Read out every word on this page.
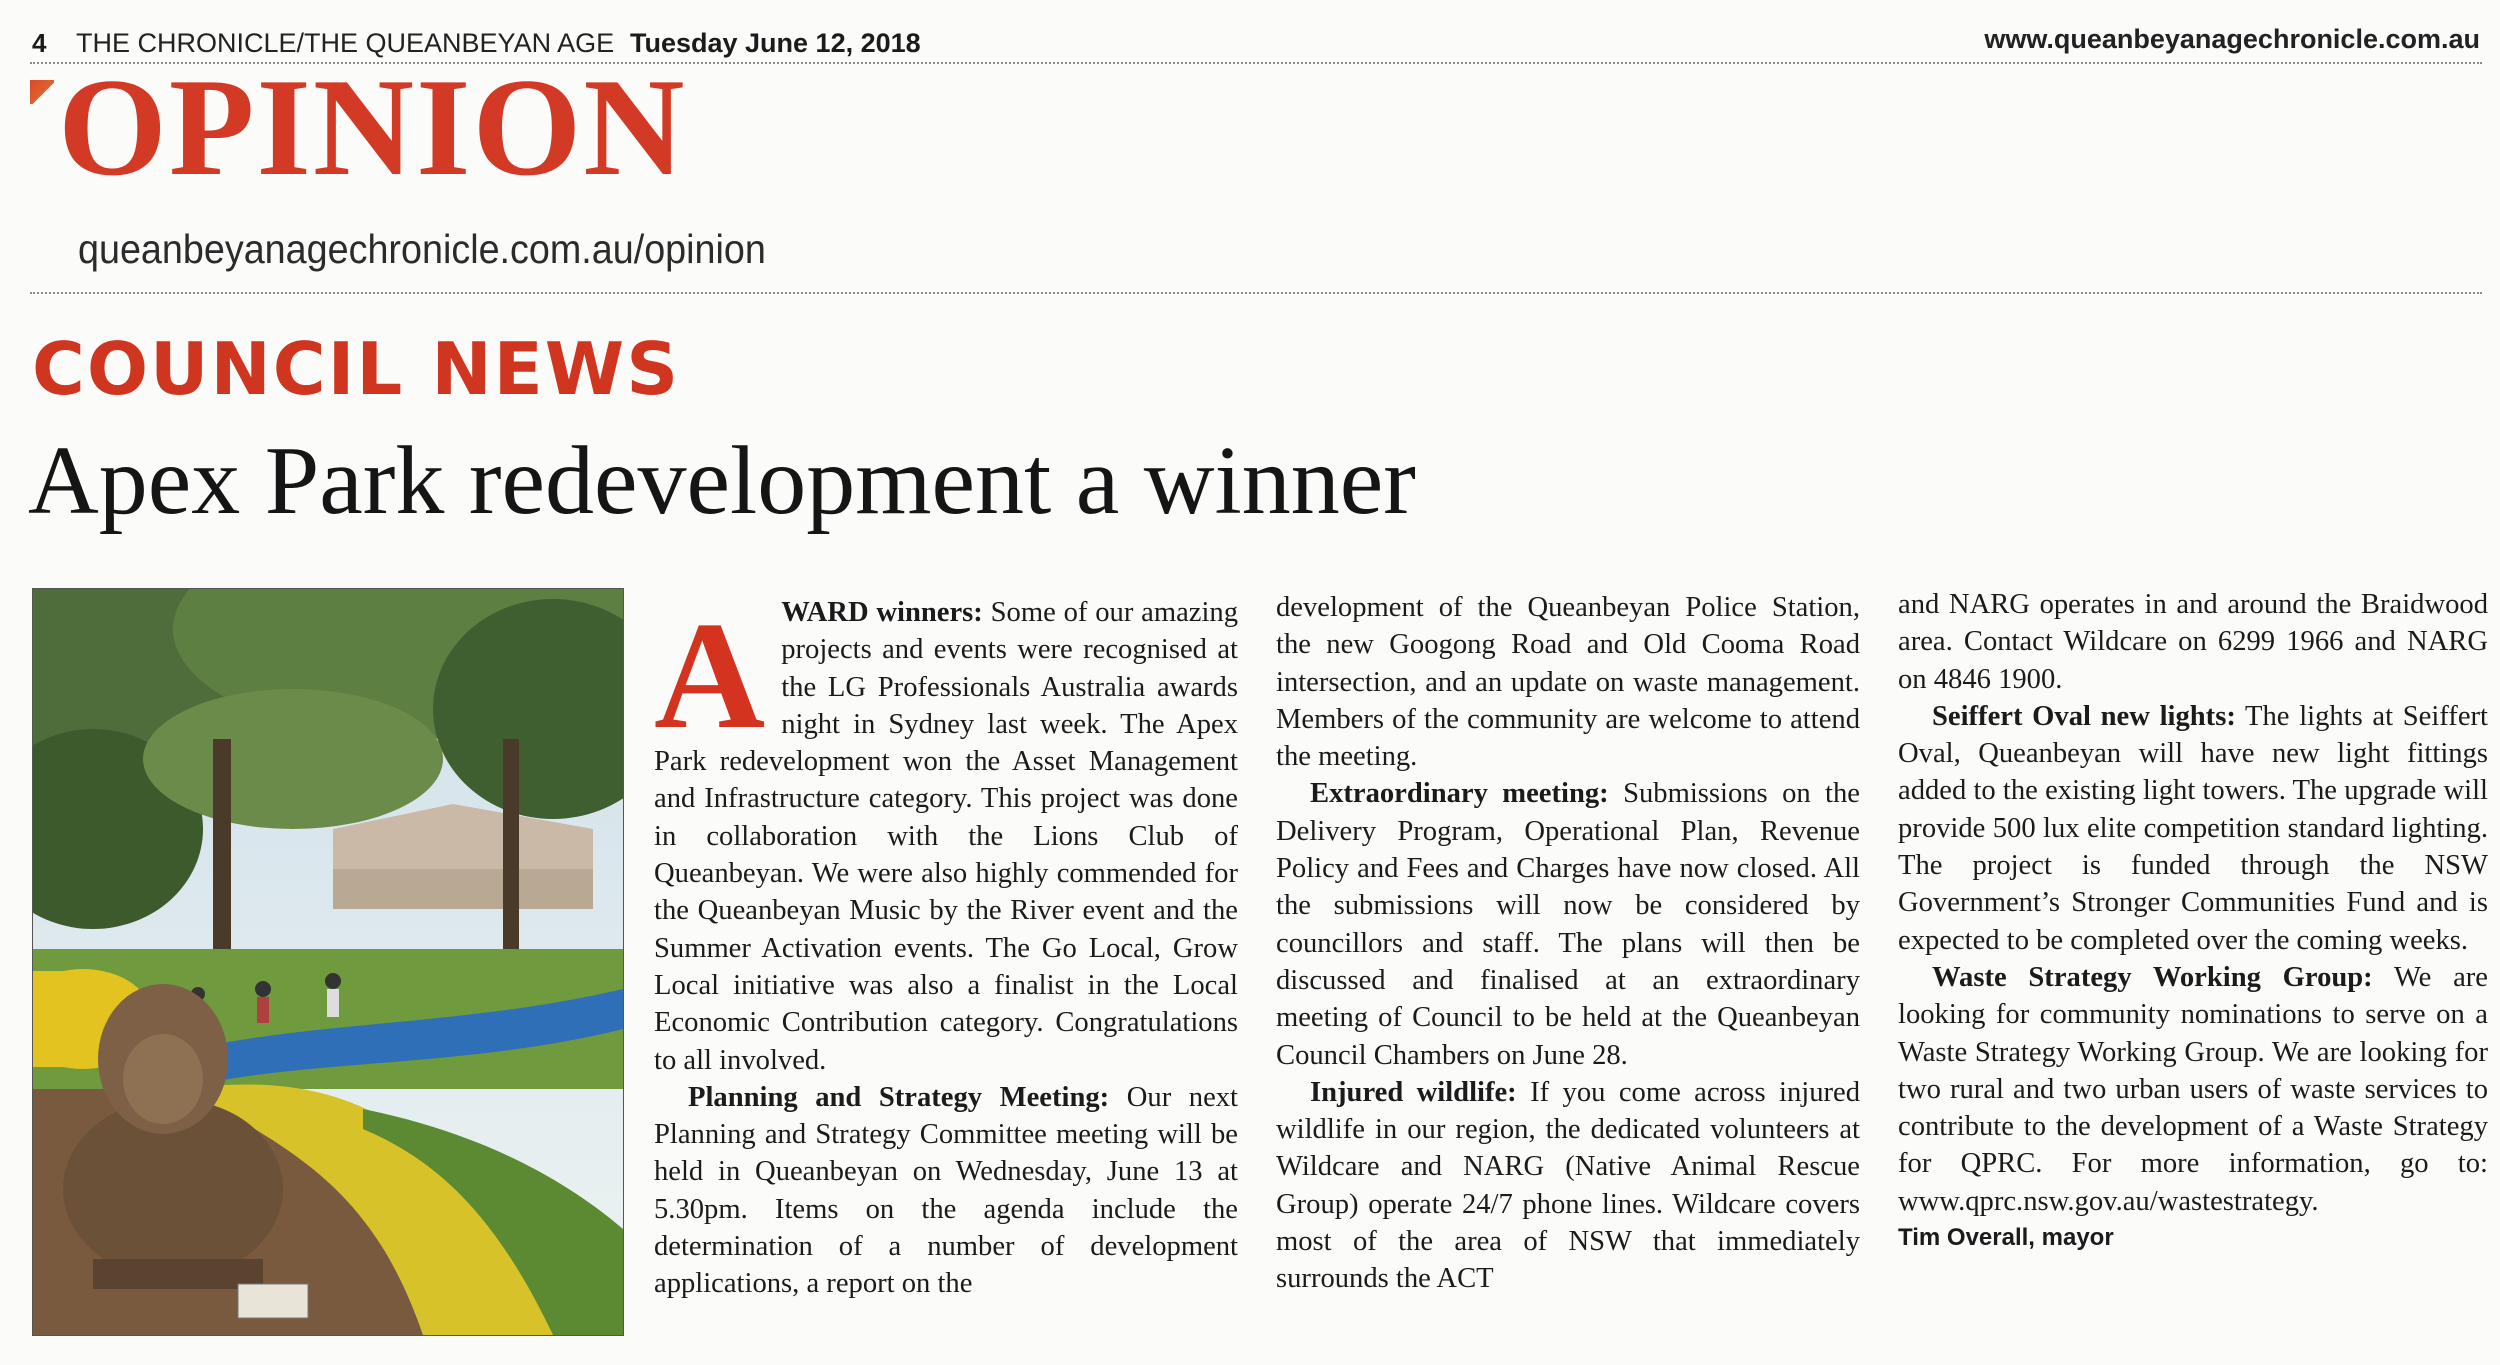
4 THE CHRONICLE/THE QUEANBEYAN AGE Tuesday June 12, 2018	www.queanbeyanagechronicle.com.au
OPINION
queanbeyanagechronicle.com.au/opinion
COUNCIL NEWS
Apex Park redevelopment a winner

AWARD winners: Some of our amazing projects and events were recognised at the LG Professionals Australia awards night in Sydney last week. The Apex Park redevelopment won the Asset Management and Infrastructure category. This project was done in collaboration with the Lions Club of Queanbeyan. We were also highly commended for the Queanbeyan Music by the River event and the Summer Activation events. The Go Local, Grow Local initiative was also a finalist in the Local Economic Contribution category. Congratulations to all involved.

Planning and Strategy Meeting: Our next Planning and Strategy Committee meeting will be held in Queanbeyan on Wednesday, June 13 at 5.30pm. Items on the agenda include the determination of a number of development applications, a report on the

development of the Queanbeyan Police Station, the new Googong Road and Old Cooma Road intersection, and an update on waste management. Members of the community are welcome to attend the meeting.

Extraordinary meeting: Submissions on the Delivery Program, Operational Plan, Revenue Policy and Fees and Charges have now closed. All the submissions will now be considered by councillors and staff. The plans will then be discussed and finalised at an extraordinary meeting of Council to be held at the Queanbeyan Council Chambers on June 28.

Injured wildlife: If you come across injured wildlife in our region, the dedicated volunteers at Wildcare and NARG (Native Animal Rescue Group) operate 24/7 phone lines. Wildcare covers most of the area of NSW that immediately surrounds the ACT

and NARG operates in and around the Braidwood area. Contact Wildcare on 6299 1966 and NARG on 4846 1900.

Seiffert Oval new lights: The lights at Seiffert Oval, Queanbeyan will have new light fittings added to the existing light towers. The upgrade will provide 500 lux elite competition standard lighting. The project is funded through the NSW Government’s Stronger Communities Fund and is expected to be completed over the coming weeks.

Waste Strategy Working Group: We are looking for community nominations to serve on a Waste Strategy Working Group. We are looking for two rural and two urban users of waste services to contribute to the development of a Waste Strategy for QPRC. For more information, go to: www.qprc.nsw.gov.au/wastestrategy.

Tim Overall, mayor
